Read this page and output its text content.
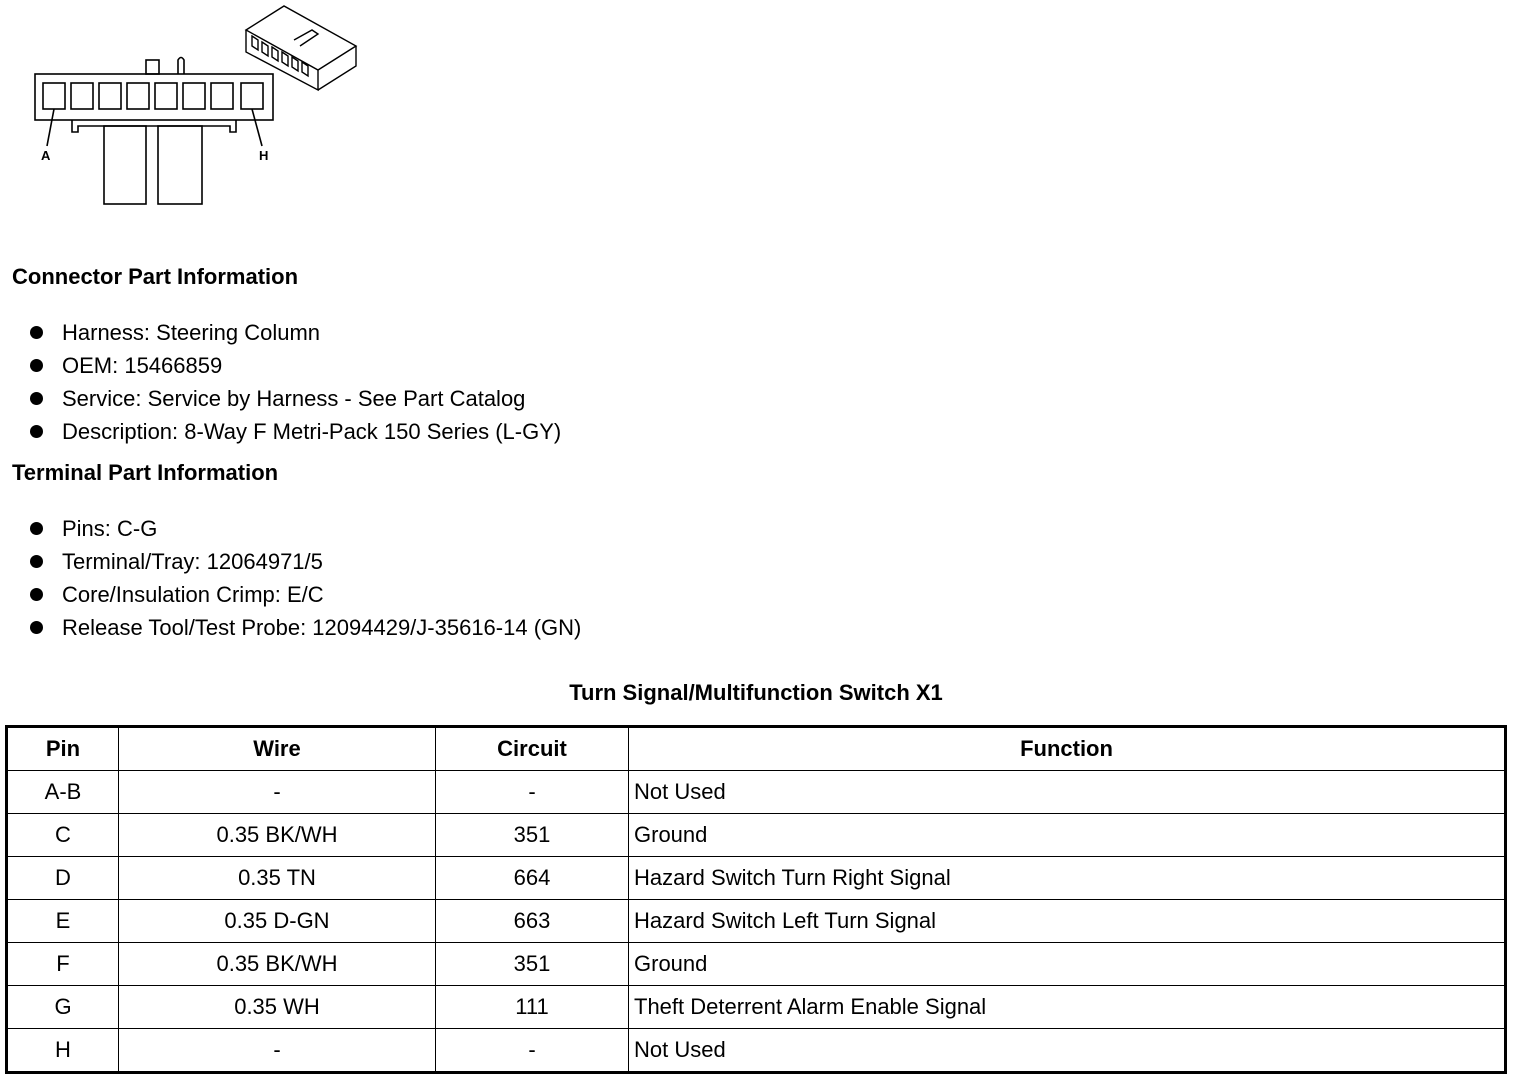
A	H
Connector Part Information
Harness: Steering Column
OEM: 15466859
Service: Service by Harness - See Part Catalog
Description: 8-Way F Metri-Pack 150 Series (L-GY)
Terminal Part Information
Pins: C-G
Terminal/Tray: 12064971/5
Core/Insulation Crimp: E/C
Release Tool/Test Probe: 12094429/J-35616-14 (GN)
Turn Signal/Multifunction Switch X1
Pin	Wire	Circuit	Function
A-B	-	-	Not Used
C	0.35 BK/WH	351	Ground
D	0.35 TN	664	Hazard Switch Turn Right Signal
E	0.35 D-GN	663	Hazard Switch Left Turn Signal
F	0.35 BK/WH	351	Ground
G	0.35 WH	111	Theft Deterrent Alarm Enable Signal
H	-	-	Not Used
